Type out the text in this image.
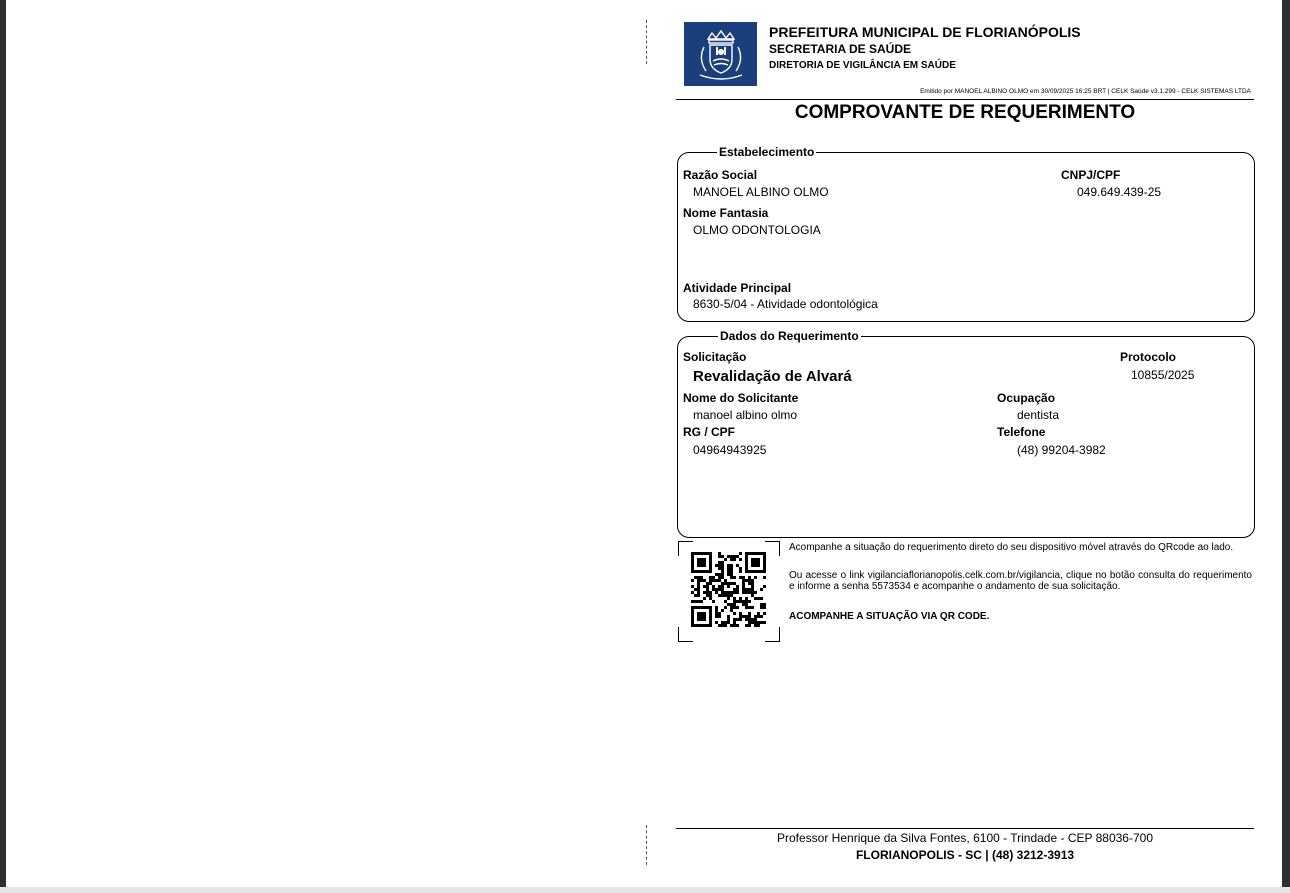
PREFEITURA MUNICIPAL DE FLORIANÓPOLIS
SECRETARIA DE SAÚDE
DIRETORIA DE VIGILÂNCIA EM SAÚDE
Emitido por MANOEL ALBINO OLMO em 30/09/2025 16:25 BRT | CELK Saúde v3.1.299 - CELK SISTEMAS LTDA
COMPROVANTE DE REQUERIMENTO
Estabelecimento
Razão Social
MANOEL ALBINO OLMO
CNPJ/CPF
049.649.439-25
Nome Fantasia
OLMO ODONTOLOGIA
Atividade Principal
8630-5/04 - Atividade odontológica
Dados do Requerimento
Solicitação
Revalidação de Alvará
Protocolo
10855/2025
Nome do Solicitante
manoel albino olmo
Ocupação
dentista
RG / CPF
04964943925
Telefone
(48) 99204-3982
Acompanhe a situação do requerimento direto do seu dispositivo móvel através do QRcode ao lado.
Ou acesse o link vigilanciaflorianopolis.celk.com.br/vigilancia, clique no botão consulta do requerimento e informe a senha 5573534 e acompanhe o andamento de sua solicitação.
ACOMPANHE A SITUAÇÃO VIA QR CODE.
Professor Henrique da Silva Fontes, 6100 - Trindade - CEP 88036-700
FLORIANOPOLIS - SC | (48) 3212-3913
